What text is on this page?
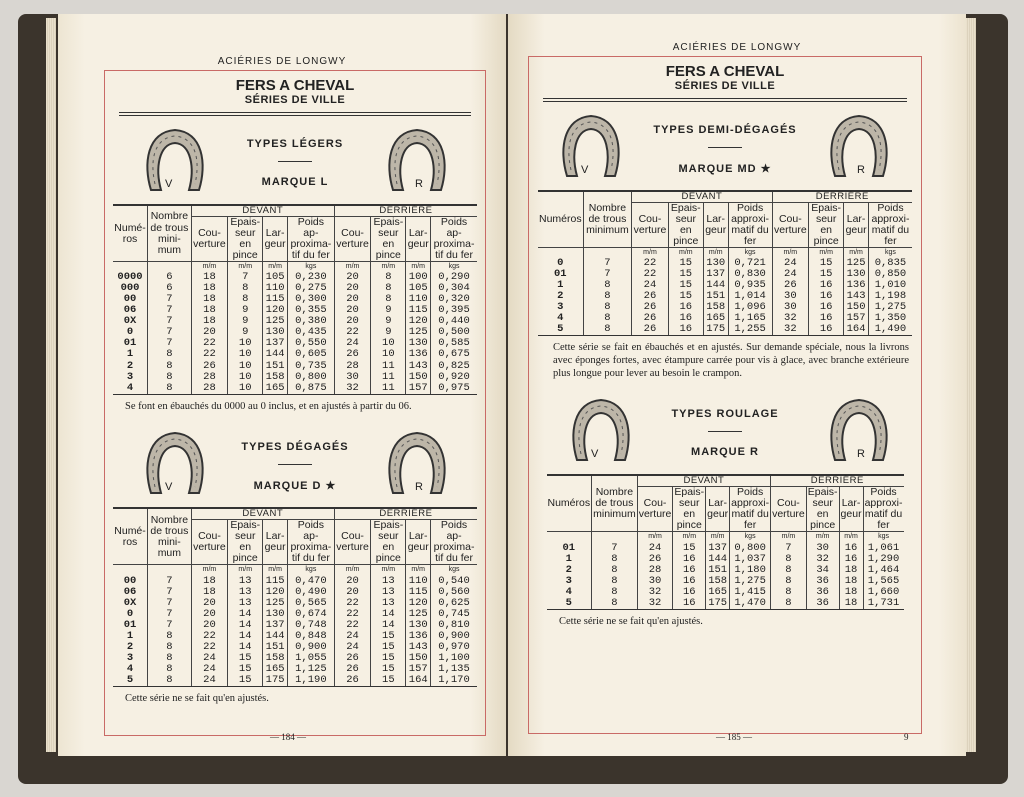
ACIÉRIES DE LONGWY
FERS A CHEVAL
SÉRIES DE VILLE
V	R
TYPES LÉGERS
MARQUE L
Numé-ros	Nombre de trous mini-mum	DEVANT				DERRIÈRE			
		Cou-verture	Epais-seur en pince	Lar-geur	Poids ap-proxima-tif du fer	Cou-verture	Epais-seur en pince	Lar-geur	Poids ap-proxima-tif du fer
		m/m	m/m	m/m	kgs	m/m	m/m	m/m	kgs
0000	6	18	7	105	0,230	20	8	100	0,290
000	6	18	8	110	0,275	20	8	105	0,304
00	7	18	8	115	0,300	20	8	110	0,320
06	7	18	9	120	0,355	20	9	115	0,395
0X	7	18	9	125	0,380	20	9	120	0,440
0	7	20	9	130	0,435	22	9	125	0,500
01	7	22	10	137	0,550	24	10	130	0,585
1	8	22	10	144	0,605	26	10	136	0,675
2	8	26	10	151	0,735	28	11	143	0,825
3	8	28	10	158	0,800	30	11	150	0,920
4	8	28	10	165	0,875	32	11	157	0,975
Se font en ébauchés du 0000 au 0 inclus, et en ajustés à partir du 06.
V	R
TYPES DÉGAGÉS
MARQUE D ★
Numé-ros	Nombre de trous mini-mum	DEVANT				DERRIÈRE			
		Cou-verture	Epais-seur en pince	Lar-geur	Poids ap-proxima-tif du fer	Cou-verture	Epais-seur en pince	Lar-geur	Poids ap-proxima-tif du fer
		m/m	m/m	m/m	kgs	m/m	m/m	m/m	kgs
00	7	18	13	115	0,470	20	13	110	0,540
06	7	18	13	120	0,490	20	13	115	0,560
0X	7	20	13	125	0,565	22	13	120	0,625
0	7	20	14	130	0,674	22	14	125	0,745
01	7	20	14	137	0,748	22	14	130	0,810
1	8	22	14	144	0,848	24	15	136	0,900
2	8	22	14	151	0,900	24	15	143	0,970
3	8	24	15	158	1,055	26	15	150	1,100
4	8	24	15	165	1,125	26	15	157	1,135
5	8	24	15	175	1,190	26	15	164	1,170
Cette série ne se fait qu'en ajustés.
— 184 —
ACIÉRIES DE LONGWY
FERS A CHEVAL
SÉRIES DE VILLE
V	R
TYPES DEMI-DÉGAGÉS
MARQUE MD ★
Numéros	Nombre de trous minimum	DEVANT				DERRIÈRE			
		Cou-verture	Epais-seur en pince	Lar-geur	Poids approxi-matif du fer	Cou-verture	Epais-seur en pince	Lar-geur	Poids approxi-matif du fer
		m/m	m/m	m/m	kgs	m/m	m/m	m/m	kgs
0	7	22	15	130	0,721	24	15	125	0,835
01	7	22	15	137	0,830	24	15	130	0,850
1	8	24	15	144	0,935	26	16	136	1,010
2	8	26	15	151	1,014	30	16	143	1,198
3	8	26	16	158	1,096	30	16	150	1,275
4	8	26	16	165	1,165	32	16	157	1,350
5	8	26	16	175	1,255	32	16	164	1,490
Cette série se fait en ébauchés et en ajustés. Sur demande spéciale, nous la livrons avec éponges fortes, avec étampure carrée pour vis à glace, avec branche extérieure plus longue pour lever au besoin le crampon.
V	R
TYPES ROULAGE
MARQUE R
Numéros	Nombre de trous minimum	DEVANT				DERRIÈRE			
		Cou-verture	Epais-seur en pince	Lar-geur	Poids approxi-matif du fer	Cou-verture	Epais-seur en pince	Lar-geur	Poids approxi-matif du fer
		m/m	m/m	m/m	kgs	m/m	m/m	m/m	kgs
01	7	24	15	137	0,800	7	30	16	1,061
1	8	26	16	144	1,037	8	32	16	1,290
2	8	28	16	151	1,180	8	34	18	1,464
3	8	30	16	158	1,275	8	36	18	1,565
4	8	32	16	165	1,415	8	36	18	1,660
5	8	32	16	175	1,470	8	36	18	1,731
Cette série ne se fait qu'en ajustés.
— 185 —	9
